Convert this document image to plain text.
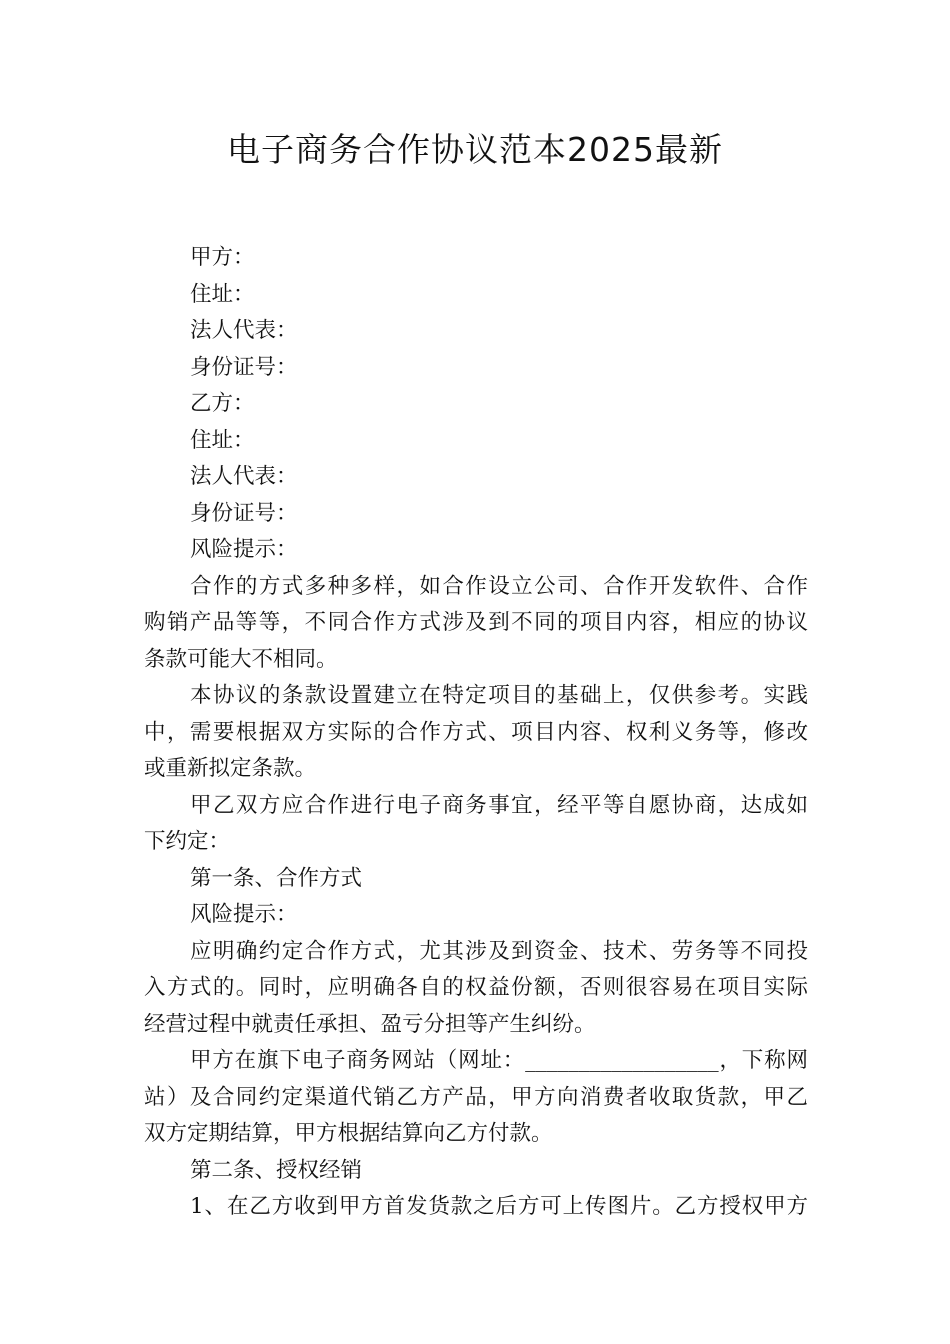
电子商务合作协议范本2025最新
甲方：
住址：
法人代表：
身份证号：
乙方：
住址：
法人代表：
身份证号：
风险提示：
合作的方式多种多样，如合作设立公司、合作开发软件、合作
购销产品等等，不同合作方式涉及到不同的项目内容，相应的协议
条款可能大不相同。
本协议的条款设置建立在特定项目的基础上，仅供参考。实践
中，需要根据双方实际的合作方式、项目内容、权利义务等，修改
或重新拟定条款。
甲乙双方应合作进行电子商务事宜，经平等自愿协商，达成如
下约定：
第一条、合作方式
风险提示：
应明确约定合作方式，尤其涉及到资金、技术、劳务等不同投
入方式的。同时，应明确各自的权益份额，否则很容易在项目实际
经营过程中就责任承担、盈亏分担等产生纠纷。
甲方在旗下电子商务网站（网址：__________________，下称网
站）及合同约定渠道代销乙方产品，甲方向消费者收取货款，甲乙
双方定期结算，甲方根据结算向乙方付款。
第二条、授权经销
1、在乙方收到甲方首发货款之后方可上传图片。乙方授权甲方
